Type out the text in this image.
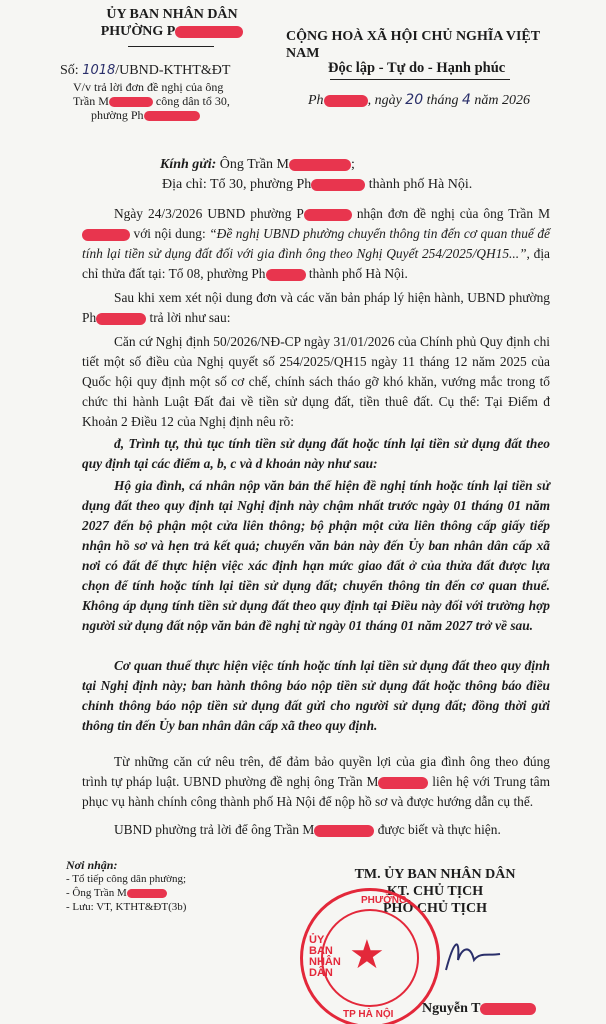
ỦY BAN NHÂN DÂN
PHƯỜNG P
Số: 1018/UBND-KTHT&ĐT
V/v trả lời đơn đề nghị của ông
Trần M	công dân tổ 30,
phường Ph
CỘNG HOÀ XÃ HỘI CHỦ NGHĨA VIỆT
NAM
Độc lập - Tự do - Hạnh phúc
Ph	, ngày 20 tháng 4 năm 2026
Kính gửi: Ông Trần M	;
Địa chỉ: Tổ 30, phường Ph	thành phố Hà Nội.
Ngày 24/3/2026 UBND phường P	nhận đơn đề nghị của ông Trần M với nội dung: “Đề nghị UBND phường chuyển thông tin đến cơ quan thuế để tính lại tiền sử dụng đất đối với gia đình ông theo Nghị Quyết 254/2025/QH15...”, địa chỉ thửa đất tại: Tổ 08, phường Ph	thành phố Hà Nội.
Sau khi xem xét nội dung đơn và các văn bản pháp lý hiện hành, UBND phường Ph	trả lời như sau:
Căn cứ Nghị định 50/2026/NĐ-CP ngày 31/01/2026 của Chính phủ Quy định chi tiết một số điều của Nghị quyết số 254/2025/QH15 ngày 11 tháng 12 năm 2025 của Quốc hội quy định một số cơ chế, chính sách tháo gỡ khó khăn, vướng mắc trong tổ chức thi hành Luật Đất đai về tiền sử dụng đất, tiền thuê đất. Cụ thể: Tại Điểm đ Khoản 2 Điều 12 của Nghị định nêu rõ:
đ, Trình tự, thủ tục tính tiền sử dụng đất hoặc tính lại tiền sử dụng đất theo quy định tại các điểm a, b, c và d khoản này như sau:
Hộ gia đình, cá nhân nộp văn bản thể hiện đề nghị tính hoặc tính lại tiền sử dụng đất theo quy định tại Nghị định này chậm nhất trước ngày 01 tháng 01 năm 2027 đến bộ phận một cửa liên thông; bộ phận một cửa liên thông cấp giấy tiếp nhận hồ sơ và hẹn trả kết quả; chuyển văn bản này đến Ủy ban nhân dân cấp xã nơi có đất để thực hiện việc xác định hạn mức giao đất ở của thửa đất được lựa chọn để tính hoặc tính lại tiền sử dụng đất; chuyển thông tin đến cơ quan thuế. Không áp dụng tính tiền sử dụng đất theo quy định tại Điều này đối với trường hợp người sử dụng đất nộp văn bản đề nghị từ ngày 01 tháng 01 năm 2027 trở về sau.
Cơ quan thuế thực hiện việc tính hoặc tính lại tiền sử dụng đất theo quy định tại Nghị định này; ban hành thông báo nộp tiền sử dụng đất hoặc thông báo điều chỉnh thông báo nộp tiền sử dụng đất gửi cho người sử dụng đất; đồng thời gửi thông tin đến Ủy ban nhân dân cấp xã theo quy định.
Từ những căn cứ nêu trên, để đảm bảo quyền lợi của gia đình ông theo đúng trình tự pháp luật. UBND phường đề nghị ông Trần M	liên hệ với Trung tâm phục vụ hành chính công thành phố Hà Nội để nộp hồ sơ và được hướng dẫn cụ thể.
UBND phường trả lời để ông Trần M	được biết và thực hiện.
Nơi nhận:
- Tổ tiếp công dân phường;
- Ông Trần M
- Lưu: VT, KTHT&ĐT(3b)
TM. ỦY BAN NHÂN DÂN
KT. CHỦ TỊCH
PHÓ CHỦ TỊCH
★
ỦY BAN NHÂN DÂN
PHƯỜNG
TP HÀ NỘI Nguyễn T
